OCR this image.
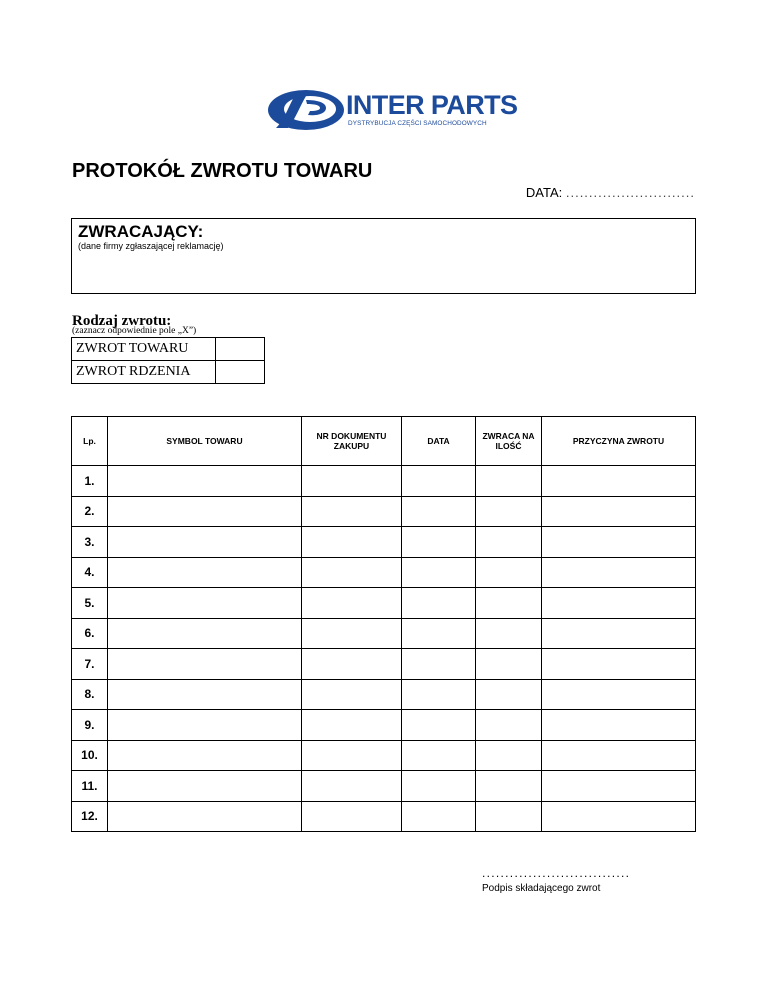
INTER PARTS
DYSTRYBUCJA CZĘŚCI SAMOCHODOWYCH
PROTOKÓŁ ZWROTU TOWARU
DATA: ............................
ZWRACAJĄCY:
(dane firmy zgłaszającej reklamację)
Rodzaj zwrotu:
(zaznacz odpowiednie pole „X”)
ZWROT TOWARU	
ZWROT RDZENIA	
Lp.	SYMBOL TOWARU	NR DOKUMENTU ZAKUPU	DATA	ZWRACA NA ILOŚĆ	PRZYCZYNA ZWROTU
1.					
2.					
3.					
4.					
5.					
6.					
7.					
8.					
9.					
10.					
11.					
12.					
................................
Podpis składającego zwrot
